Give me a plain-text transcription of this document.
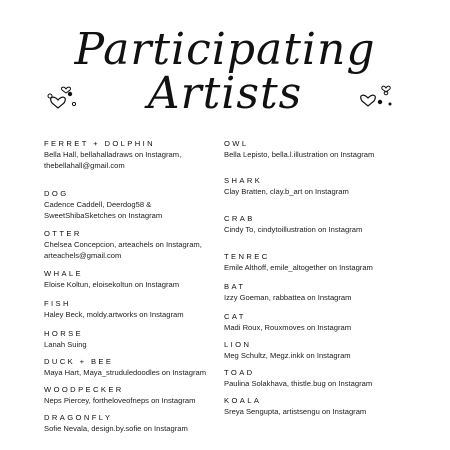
Participating Artists
FERRET + DOLPHIN
Bella Hall, bellahalladraws on Instagram, thebellahall@gmail.com
DOG
Cadence Caddell, Deerdog58 & SweetShibaSketches on Instagram
OTTER
Chelsea Concepcion, arteachels on Instagram, arteachels@gmail.com
WHALE
Eloise Koltun, eloisekoltun on Instagram
FISH
Haley Beck, moldy.artworks on Instagram
HORSE
Lanah Suing
DUCK + BEE
Maya Hart, Maya_struduledoodles on Instagram
WOODPECKER
Neps Piercey, fortheloveofneps on Instagram
DRAGONFLY
Sofie Nevala, design.by.sofie on Instagram
OWL
Bella Lepisto, bella.l.illustration on Instagram
SHARK
Clay Bratten, clay.b_art on Instagram
CRAB
Cindy To, cindytoillustration on Instagram
TENREC
Emile Althoff, emile_altogether on Instagram
BAT
Izzy Goeman, rabbattea on Instagram
CAT
Madi Roux, Rouxmoves on Instagram
LION
Meg Schultz, Megz.inkk on Instagram
TOAD
Paulina Solakhava, thistle.bug on Instagram
KOALA
Sreya Sengupta, artistsengu on Instagram
